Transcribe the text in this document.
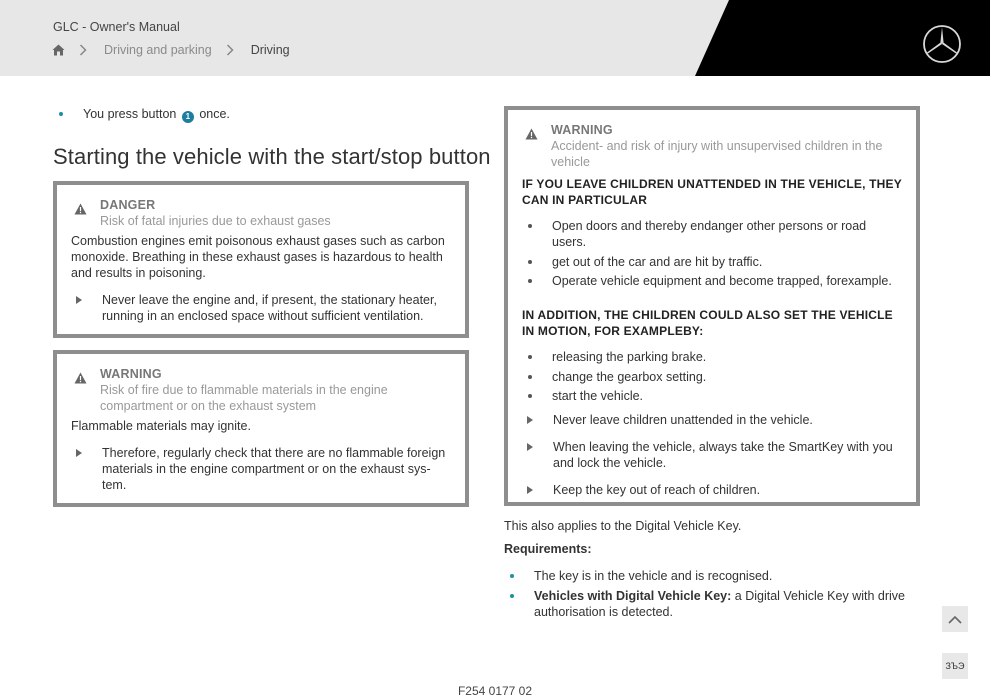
GLC - Owner's Manual
Driving and parking	Driving
You press button 1 once.
Starting the vehicle with the start/stop button
DANGER
Risk of fatal injuries due to exhaust gases
Combustion engines emit poisonous exhaust gases such as carbon monoxide. Breathing in these exhaust gases is hazardous to health and results in poisoning.
Never leave the engine and, if present, the stationary heater, running in an enclosed space without sufficient ventilation.
WARNING
Risk of fire due to flammable materials in the engine compartment or on the exhaust system
Flammable materials may ignite.
Therefore, regularly check that there are no flammable foreign materials in the engine compartment or on the exhaust sys- tem.
WARNING
Accident- and risk of injury with unsupervised children in the vehicle
IF YOU LEAVE CHILDREN UNATTENDED IN THE VEHICLE, THEY CAN IN PARTICULAR
Open doors and thereby endanger other persons or road users.
get out of the car and are hit by traffic.
Operate vehicle equipment and become trapped, forexample.
IN ADDITION, THE CHILDREN COULD ALSO SET THE VEHICLE IN MOTION, FOR EXAMPLEBY:
releasing the parking brake.
change the gearbox setting.
start the vehicle.
Never leave children unattended in the vehicle.
When leaving the vehicle, always take the SmartKey with you and lock the vehicle.
Keep the key out of reach of children.
This also applies to the Digital Vehicle Key.
Requirements:
The key is in the vehicle and is recognised.
Vehicles with Digital Vehicle Key: a Digital Vehicle Key with drive authorisation is detected.
ЗЪЭ
F254 0177 02
